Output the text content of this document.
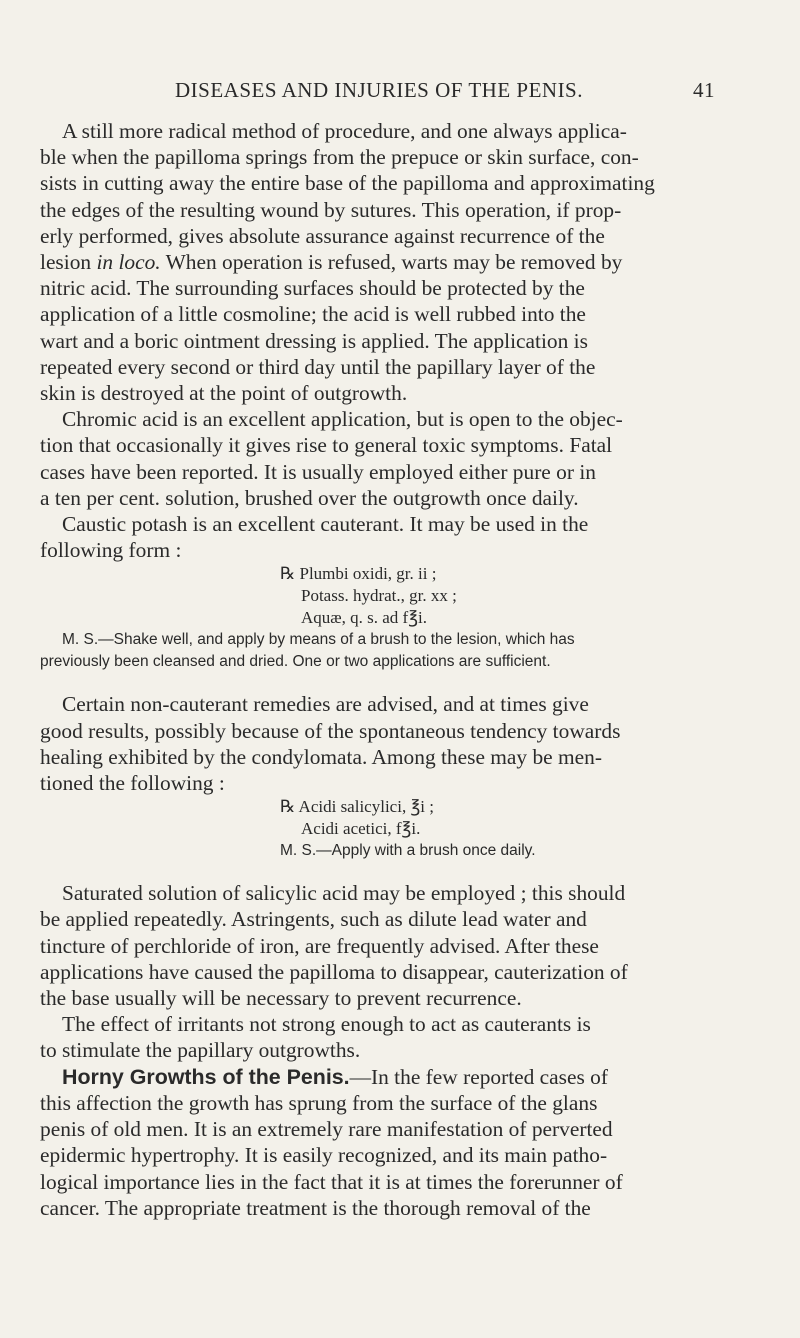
DISEASES AND INJURIES OF THE PENIS.	41

A still more radical method of procedure, and one always applica-
ble when the papilloma springs from the prepuce or skin surface, con-
sists in cutting away the entire base of the papilloma and approximating
the edges of the resulting wound by sutures. This operation, if prop-
erly performed, gives absolute assurance against recurrence of the
lesion in loco. When operation is refused, warts may be removed by
nitric acid. The surrounding surfaces should be protected by the
application of a little cosmoline; the acid is well rubbed into the
wart and a boric ointment dressing is applied. The application is
repeated every second or third day until the papillary layer of the
skin is destroyed at the point of outgrowth.

Chromic acid is an excellent application, but is open to the objec-
tion that occasionally it gives rise to general toxic symptoms. Fatal
cases have been reported. It is usually employed either pure or in
a ten per cent. solution, brushed over the outgrowth once daily.

Caustic potash is an excellent cauterant. It may be used in the
following form :

℞ Plumbi oxidi, gr. ii ;
Potass. hydrat., gr. xx ;
Aquæ, q. s. ad f℥i.

M. S.—Shake well, and apply by means of a brush to the lesion, which has
previously been cleansed and dried. One or two applications are sufficient.

Certain non-cauterant remedies are advised, and at times give
good results, possibly because of the spontaneous tendency towards
healing exhibited by the condylomata. Among these may be men-
tioned the following :

℞ Acidi salicylici, ℥i ;
Acidi acetici, f℥i.

M. S.—Apply with a brush once daily.

Saturated solution of salicylic acid may be employed ; this should
be applied repeatedly. Astringents, such as dilute lead water and
tincture of perchloride of iron, are frequently advised. After these
applications have caused the papilloma to disappear, cauterization of
the base usually will be necessary to prevent recurrence.

The effect of irritants not strong enough to act as cauterants is
to stimulate the papillary outgrowths.

Horny Growths of the Penis.—In the few reported cases of
this affection the growth has sprung from the surface of the glans
penis of old men. It is an extremely rare manifestation of perverted
epidermic hypertrophy. It is easily recognized, and its main patho-
logical importance lies in the fact that it is at times the forerunner of
cancer. The appropriate treatment is the thorough removal of the
